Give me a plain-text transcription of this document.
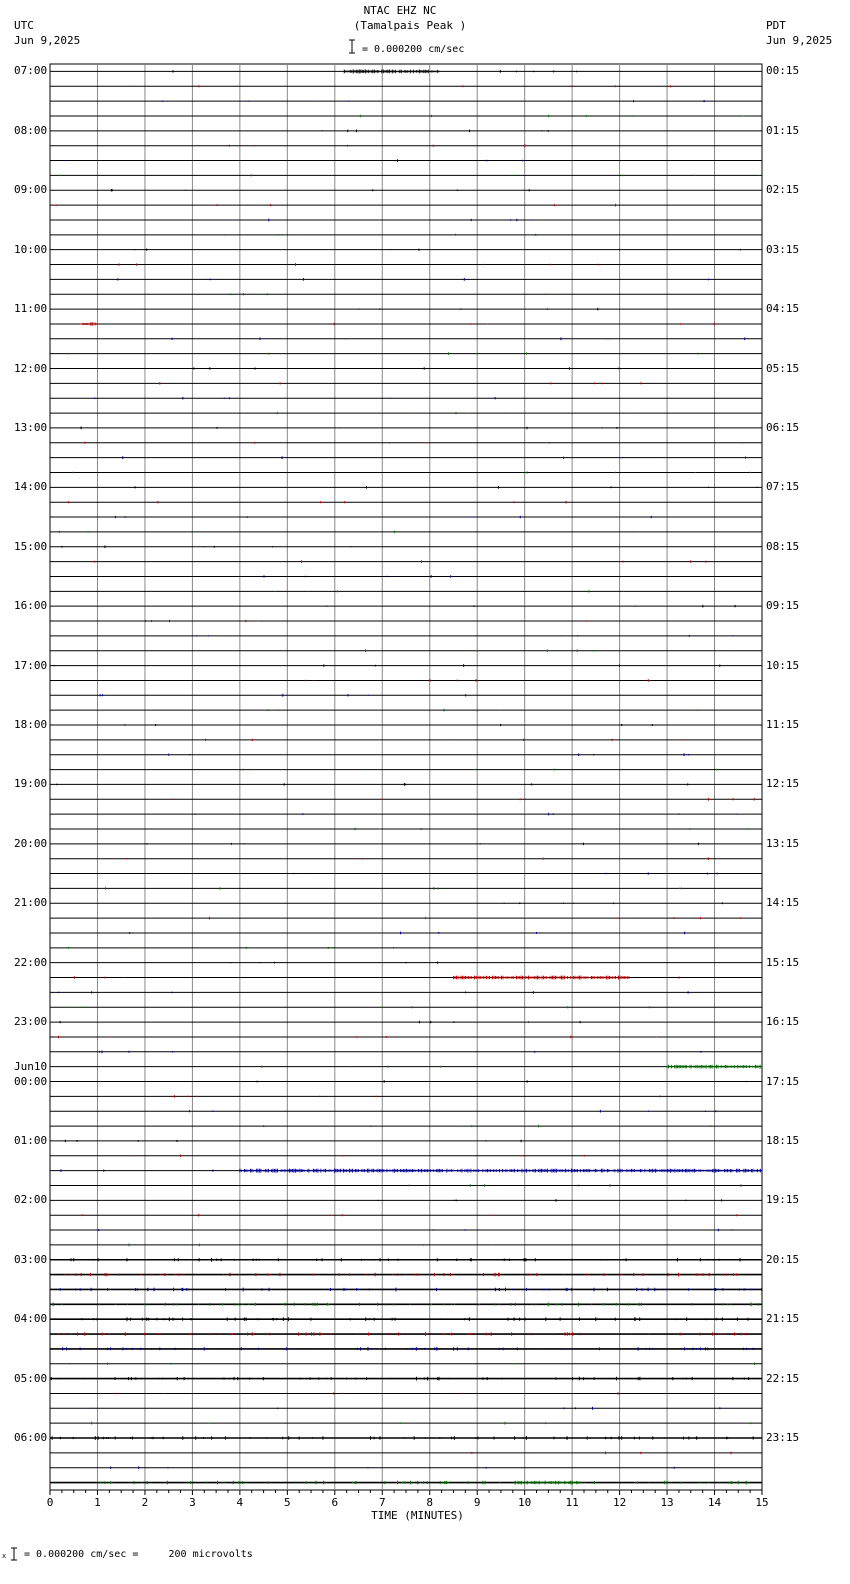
0	1	2	3	4	5	6	7	8	9	10	11	12	13	14	15
NTAC EHZ NC
(Tamalpais Peak )
= 0.000200 cm/sec
UTC
Jun 9,2025
PDT
Jun 9,2025
07:00
08:00
09:00
10:00
11:00
12:00
13:00
14:00
15:00
16:00
17:00
18:00
19:00
20:00
21:00
22:00
23:00
00:00
01:00
02:00
03:00
04:00
05:00
06:00
00:15
01:15
02:15
03:15
04:15
05:15
06:15
07:15
08:15
09:15
10:15
11:15
12:15
13:15
14:15
15:15
16:15
17:15
18:15
19:15
20:15
21:15
22:15
23:15
Jun10
TIME (MINUTES)
x = 0.000200 cm/sec =     200 microvolts
